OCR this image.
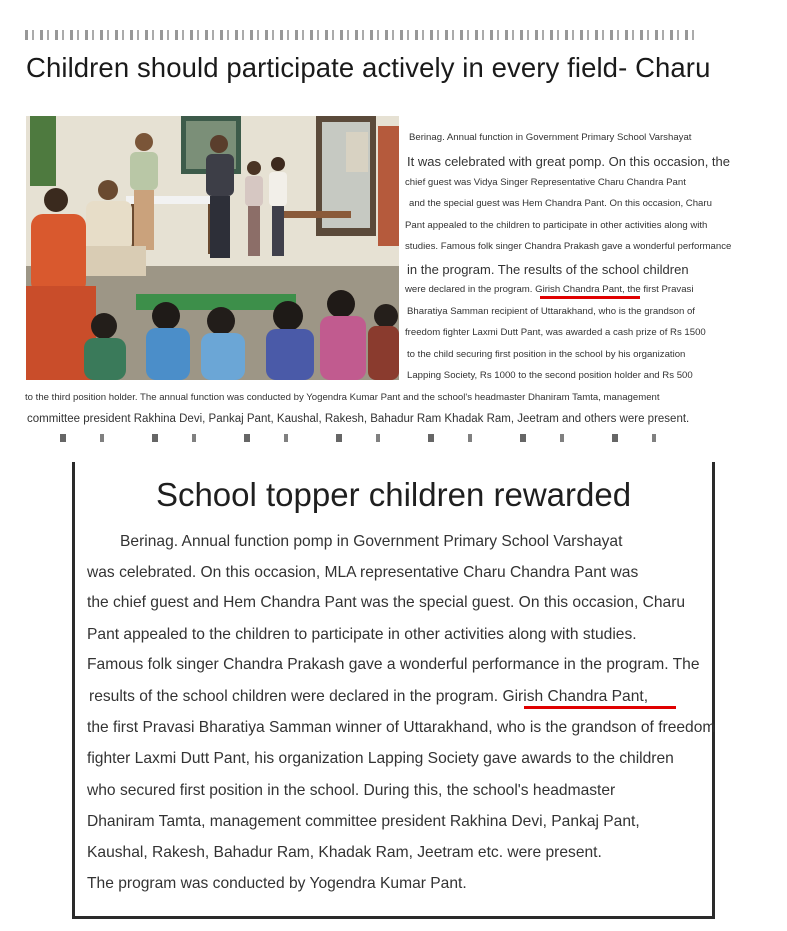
Children should participate actively in every field- Charu

Berinag. Annual function in Government Primary School Varshayat

It was celebrated with great pomp. On this occasion, the

chief guest was Vidya Singer Representative Charu Chandra Pant

and the special guest was Hem Chandra Pant. On this occasion, Charu

Pant appealed to the children to participate in other activities along with

studies. Famous folk singer Chandra Prakash gave a wonderful performance

in the program. The results of the school children

were declared in the program. Girish Chandra Pant, the first Pravasi

Bharatiya Samman recipient of Uttarakhand, who is the grandson of

freedom fighter Laxmi Dutt Pant, was awarded a cash prize of Rs 1500

to the child securing first position in the school by his organization

Lapping Society, Rs 1000 to the second position holder and Rs 500

to the third position holder. The annual function was conducted by Yogendra Kumar Pant and the school's headmaster Dhaniram Tamta, management

committee president Rakhina Devi, Pankaj Pant, Kaushal, Rakesh, Bahadur Ram Khadak Ram, Jeetram and others were present.

School topper children rewarded

Berinag. Annual function pomp in Government Primary School Varshayat

was celebrated. On this occasion, MLA representative Charu Chandra Pant was

the chief guest and Hem Chandra Pant was the special guest. On this occasion, Charu

Pant appealed to the children to participate in other activities along with studies.

Famous folk singer Chandra Prakash gave a wonderful performance in the program. The

results of the school children were declared in the program. Girish Chandra Pant,

the first Pravasi Bharatiya Samman winner of Uttarakhand, who is the grandson of freedom

fighter Laxmi Dutt Pant, his organization Lapping Society gave awards to the children

who secured first position in the school. During this, the school's headmaster

Dhaniram Tamta, management committee president Rakhina Devi, Pankaj Pant,

Kaushal, Rakesh, Bahadur Ram, Khadak Ram, Jeetram etc. were present.

The program was conducted by Yogendra Kumar Pant.
